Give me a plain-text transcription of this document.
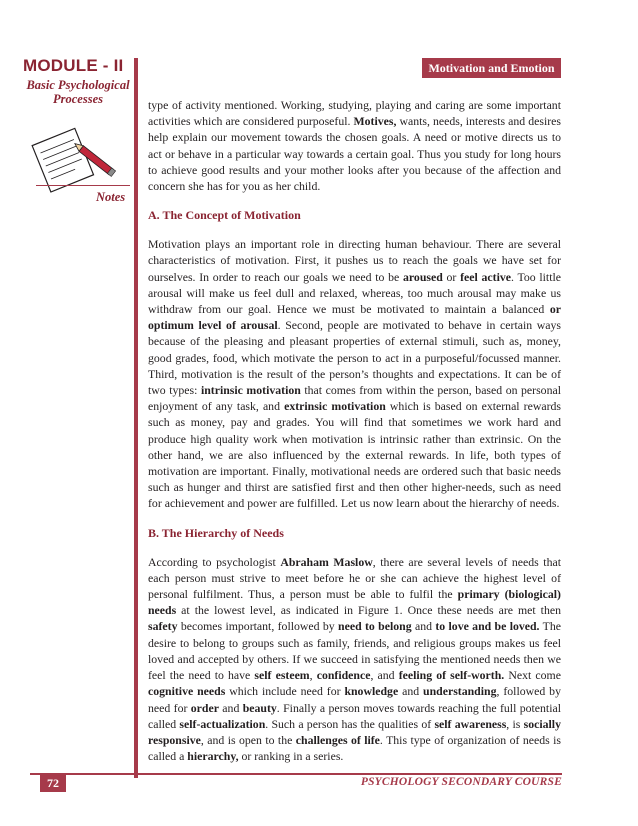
MODULE - II
Basic Psychological Processes
Notes
Motivation and Emotion

type of activity mentioned. Working, studying, playing and caring are some important activities which are considered purposeful. Motives, wants, needs, interests and desires help explain our movement towards the chosen goals. A need or motive directs us to act or behave in a particular way towards a certain goal. Thus you study for long hours to achieve good results and your mother looks after you because of the affection and concern she has for you as her child.

A. The Concept of Motivation

Motivation plays an important role in directing human behaviour. There are several characteristics of motivation. First, it pushes us to reach the goals we have set for ourselves. In order to reach our goals we need to be aroused or feel active. Too little arousal will make us feel dull and relaxed, whereas, too much arousal may make us withdraw from our goal. Hence we must be motivated to maintain a balanced or optimum level of arousal. Second, people are motivated to behave in certain ways because of the pleasing and pleasant properties of external stimuli, such as, money, good grades, food, which motivate the person to act in a purposeful/focussed manner. Third, motivation is the result of the person’s thoughts and expectations. It can be of two types: intrinsic motivation that comes from within the person, based on personal enjoyment of any task, and extrinsic motivation which is based on external rewards such as money, pay and grades. You will find that sometimes we work hard and produce high quality work when motivation is intrinsic rather than extrinsic. On the other hand, we are also influenced by the external rewards. In life, both types of motivation are important. Finally, motivational needs are ordered such that basic needs such as hunger and thirst are satisfied first and then other higher-needs, such as need for achievement and power are fulfilled. Let us now learn about the hierarchy of needs.

B. The Hierarchy of Needs

According to psychologist Abraham Maslow, there are several levels of needs that each person must strive to meet before he or she can achieve the highest level of personal fulfilment. Thus, a person must be able to fulfil the primary (biological) needs at the lowest level, as indicated in Figure 1. Once these needs are met then safety becomes important, followed by need to belong and to love and be loved. The desire to belong to groups such as family, friends, and religious groups makes us feel loved and accepted by others. If we succeed in satisfying the mentioned needs then we feel the need to have self esteem, confidence, and feeling of self-worth. Next come cognitive needs which include need for knowledge and understanding, followed by need for order and beauty. Finally a person moves towards reaching the full potential called self-actualization. Such a person has the qualities of self awareness, is socially responsive, and is open to the challenges of life. This type of organization of needs is called a hierarchy, or ranking in a series.

72	PSYCHOLOGY SECONDARY COURSE
